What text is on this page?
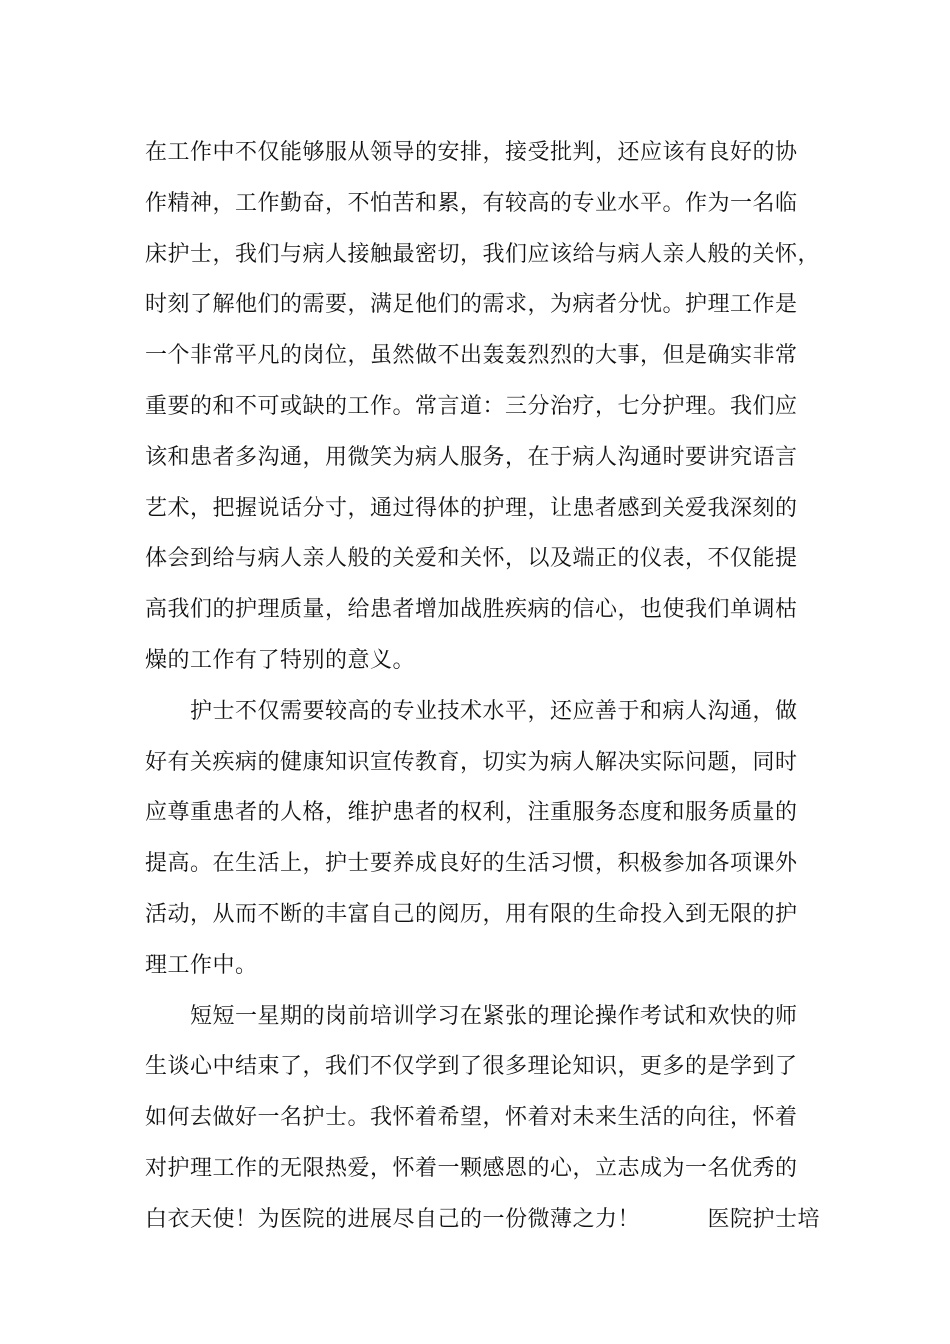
在工作中不仅能够服从领导的安排，接受批判，还应该有良好的协
作精神，工作勤奋，不怕苦和累，有较高的专业水平。作为一名临
床护士，我们与病人接触最密切，我们应该给与病人亲人般的关怀，
时刻了解他们的需要，满足他们的需求，为病者分忧。护理工作是
一个非常平凡的岗位，虽然做不出轰轰烈烈的大事，但是确实非常
重要的和不可或缺的工作。常言道：三分治疗，七分护理。我们应
该和患者多沟通，用微笑为病人服务，在于病人沟通时要讲究语言
艺术，把握说话分寸，通过得体的护理，让患者感到关爱我深刻的
体会到给与病人亲人般的关爱和关怀，以及端正的仪表，不仅能提
高我们的护理质量，给患者增加战胜疾病的信心，也使我们单调枯
燥的工作有了特别的意义。
护士不仅需要较高的专业技术水平，还应善于和病人沟通，做
好有关疾病的健康知识宣传教育，切实为病人解决实际问题，同时
应尊重患者的人格，维护患者的权利，注重服务态度和服务质量的
提高。在生活上，护士要养成良好的生活习惯，积极参加各项课外
活动，从而不断的丰富自己的阅历，用有限的生命投入到无限的护
理工作中。
短短一星期的岗前培训学习在紧张的理论操作考试和欢快的师
生谈心中结束了，我们不仅学到了很多理论知识，更多的是学到了
如何去做好一名护士。我怀着希望，怀着对未来生活的向往，怀着
对护理工作的无限热爱，怀着一颗感恩的心，立志成为一名优秀的
白衣天使！为医院的进展尽自己的一份微薄之力！　　　医院护士培
